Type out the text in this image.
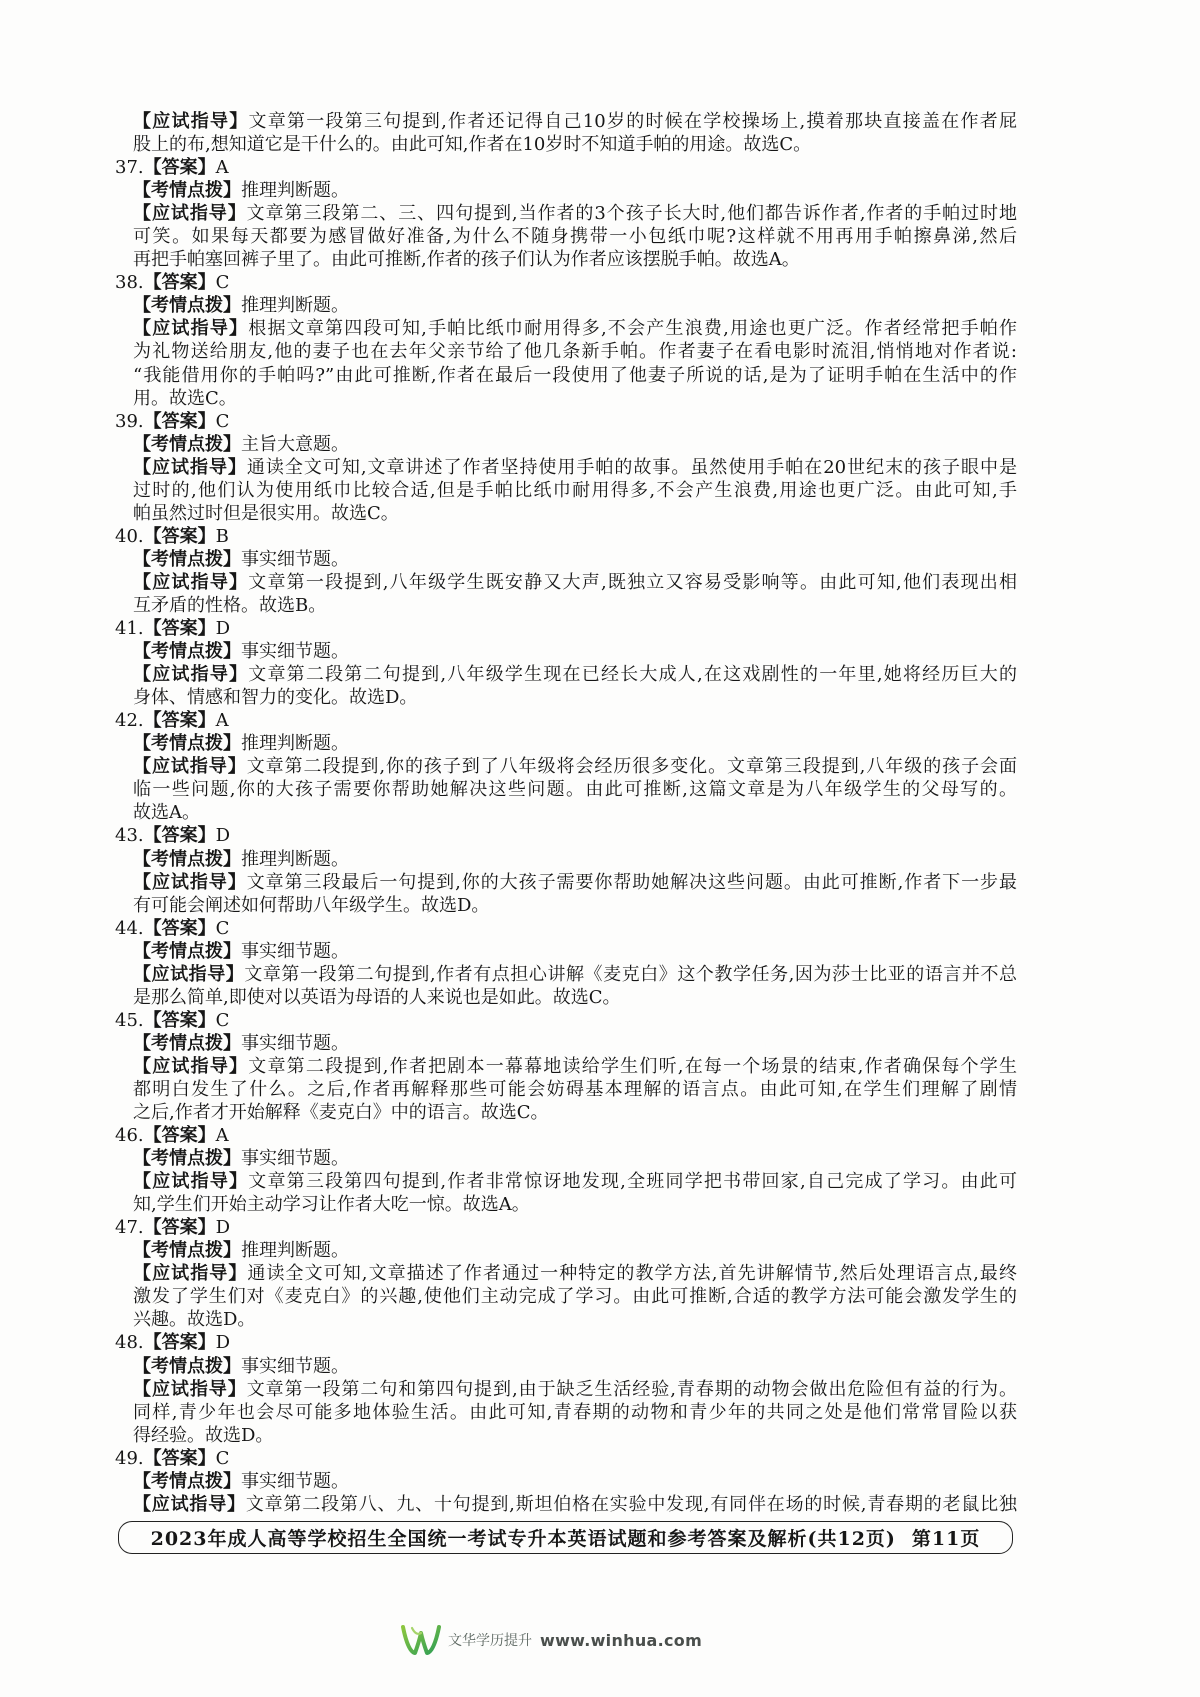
【应试指导】文章第一段第三句提到,作者还记得自己10岁的时候在学校操场上,摸着那块直接盖在作者屁
股上的布,想知道它是干什么的。由此可知,作者在10岁时不知道手帕的用途。故选C。
37.【答案】A
【考情点拨】推理判断题。
【应试指导】文章第三段第二、三、四句提到,当作者的3个孩子长大时,他们都告诉作者,作者的手帕过时地
可笑。如果每天都要为感冒做好准备,为什么不随身携带一小包纸巾呢?这样就不用再用手帕擦鼻涕,然后
再把手帕塞回裤子里了。由此可推断,作者的孩子们认为作者应该摆脱手帕。故选A。
38.【答案】C
【考情点拨】推理判断题。
【应试指导】根据文章第四段可知,手帕比纸巾耐用得多,不会产生浪费,用途也更广泛。作者经常把手帕作
为礼物送给朋友,他的妻子也在去年父亲节给了他几条新手帕。作者妻子在看电影时流泪,悄悄地对作者说:
“我能借用你的手帕吗?”由此可推断,作者在最后一段使用了他妻子所说的话,是为了证明手帕在生活中的作
用。故选C。
39.【答案】C
【考情点拨】主旨大意题。
【应试指导】通读全文可知,文章讲述了作者坚持使用手帕的故事。虽然使用手帕在20世纪末的孩子眼中是
过时的,他们认为使用纸巾比较合适,但是手帕比纸巾耐用得多,不会产生浪费,用途也更广泛。由此可知,手
帕虽然过时但是很实用。故选C。
40.【答案】B
【考情点拨】事实细节题。
【应试指导】文章第一段提到,八年级学生既安静又大声,既独立又容易受影响等。由此可知,他们表现出相
互矛盾的性格。故选B。
41.【答案】D
【考情点拨】事实细节题。
【应试指导】文章第二段第二句提到,八年级学生现在已经长大成人,在这戏剧性的一年里,她将经历巨大的
身体、情感和智力的变化。故选D。
42.【答案】A
【考情点拨】推理判断题。
【应试指导】文章第二段提到,你的孩子到了八年级将会经历很多变化。文章第三段提到,八年级的孩子会面
临一些问题,你的大孩子需要你帮助她解决这些问题。由此可推断,这篇文章是为八年级学生的父母写的。
故选A。
43.【答案】D
【考情点拨】推理判断题。
【应试指导】文章第三段最后一句提到,你的大孩子需要你帮助她解决这些问题。由此可推断,作者下一步最
有可能会阐述如何帮助八年级学生。故选D。
44.【答案】C
【考情点拨】事实细节题。
【应试指导】文章第一段第二句提到,作者有点担心讲解《麦克白》这个教学任务,因为莎士比亚的语言并不总
是那么简单,即使对以英语为母语的人来说也是如此。故选C。
45.【答案】C
【考情点拨】事实细节题。
【应试指导】文章第二段提到,作者把剧本一幕幕地读给学生们听,在每一个场景的结束,作者确保每个学生
都明白发生了什么。之后,作者再解释那些可能会妨碍基本理解的语言点。由此可知,在学生们理解了剧情
之后,作者才开始解释《麦克白》中的语言。故选C。
46.【答案】A
【考情点拨】事实细节题。
【应试指导】文章第三段第四句提到,作者非常惊讶地发现,全班同学把书带回家,自己完成了学习。由此可
知,学生们开始主动学习让作者大吃一惊。故选A。
47.【答案】D
【考情点拨】推理判断题。
【应试指导】通读全文可知,文章描述了作者通过一种特定的教学方法,首先讲解情节,然后处理语言点,最终
激发了学生们对《麦克白》的兴趣,使他们主动完成了学习。由此可推断,合适的教学方法可能会激发学生的
兴趣。故选D。
48.【答案】D
【考情点拨】事实细节题。
【应试指导】文章第一段第二句和第四句提到,由于缺乏生活经验,青春期的动物会做出危险但有益的行为。
同样,青少年也会尽可能多地体验生活。由此可知,青春期的动物和青少年的共同之处是他们常常冒险以获
得经验。故选D。
49.【答案】C
【考情点拨】事实细节题。
【应试指导】文章第二段第八、九、十句提到,斯坦伯格在实验中发现,有同伴在场的时候,青春期的老鼠比独
2023年成人高等学校招生全国统一考试专升本英语试题和参考答案及解析(共12页) 第11页
文华学历提升 www.winhua.com
